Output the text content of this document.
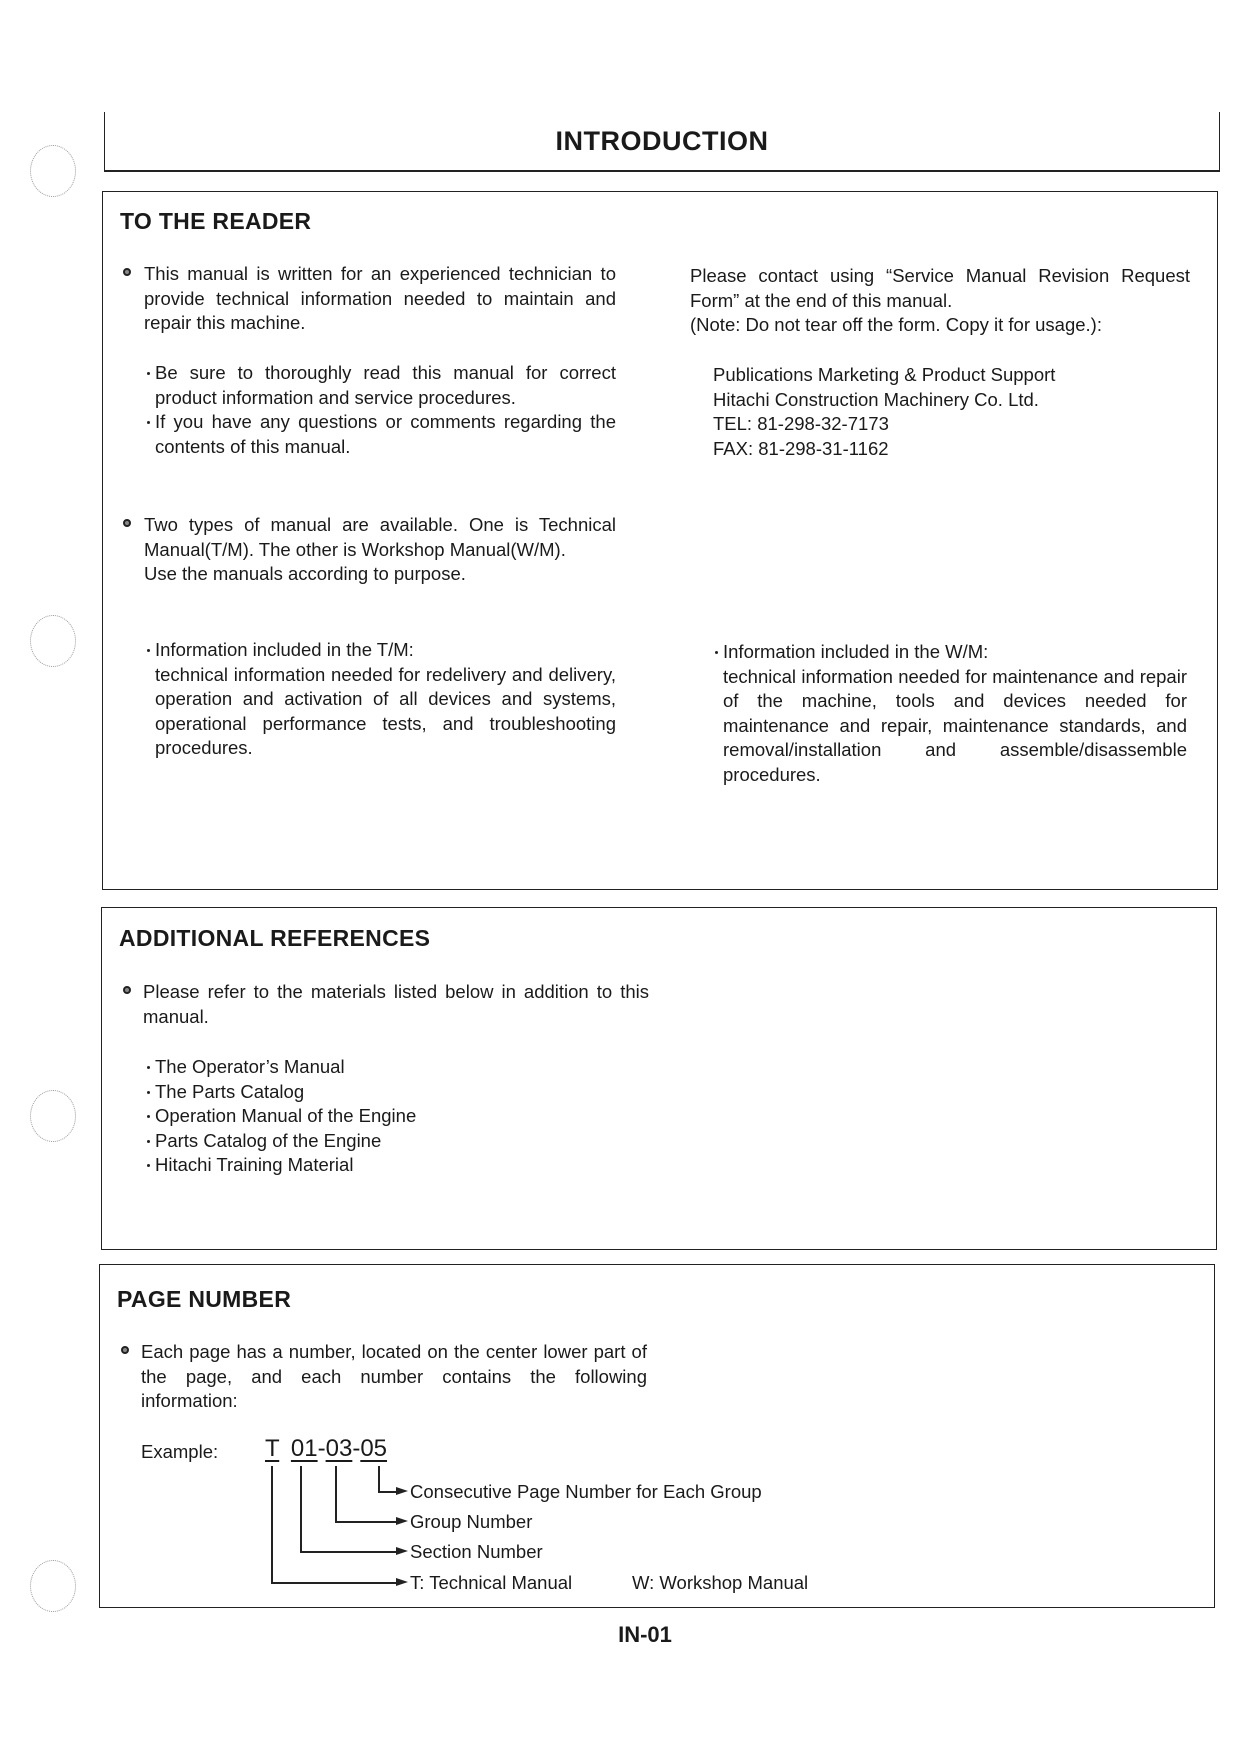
INTRODUCTION
TO THE READER
This manual is written for an experienced technician to provide technical information needed to maintain and repair this machine.
Be sure to thoroughly read this manual for correct product information and service procedures.
If you have any questions or comments regarding the contents of this manual.
Please contact using “Service Manual Revision Request Form” at the end of this manual.
(Note: Do not tear off the form. Copy it for usage.):
Publications Marketing & Product Support
Hitachi Construction Machinery Co. Ltd.
TEL: 81-298-32-7173
FAX: 81-298-31-1162
Two types of manual are available. One is Technical Manual(T/M). The other is Workshop Manual(W/M).
Use the manuals according to purpose.
Information included in the T/M:
technical information needed for redelivery and delivery, operation and activation of all devices and systems, operational performance tests, and troubleshooting procedures.
Information included in the W/M:
technical information needed for maintenance and repair of the machine, tools and devices needed for maintenance and repair, maintenance standards, and removal/installation and assemble/disassemble procedures.
ADDITIONAL REFERENCES
Please refer to the materials listed below in addition to this manual.
The Operator’s Manual
The Parts Catalog
Operation Manual of the Engine
Parts Catalog of the Engine
Hitachi Training Material
PAGE NUMBER
Each page has a number, located on the center lower part of the page, and each number contains the following information:
Example: T 01-03-05
Consecutive Page Number for Each Group
Group Number
Section Number
T: Technical Manual	W: Workshop Manual
IN-01
